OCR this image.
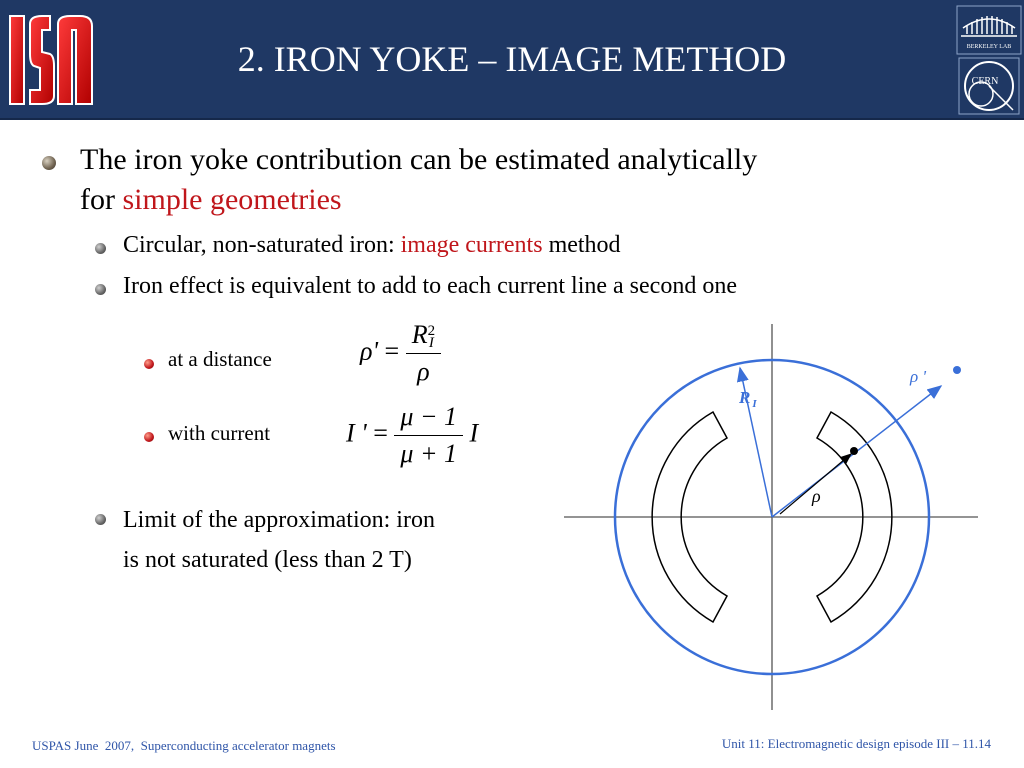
2. IRON YOKE – IMAGE METHOD	BERKELEY LAB
CERN
The iron yoke contribution can be estimated analytically
for simple geometries
Circular, non-saturated iron: image currents method
Iron effect is equivalent to add to each current line a second one
at a distance
with current
ρ' = R 2
I
ρ
I ' = $\frac{\mu - 1}{\mu + 1}$ I
Limit of the approximation: iron
is not saturated (less than 2 T)
R $_I$
ρ '
ρ
USPAS June  2007,  Superconducting accelerator magnets	Unit 11: Electromagnetic design episode III – 11.14
